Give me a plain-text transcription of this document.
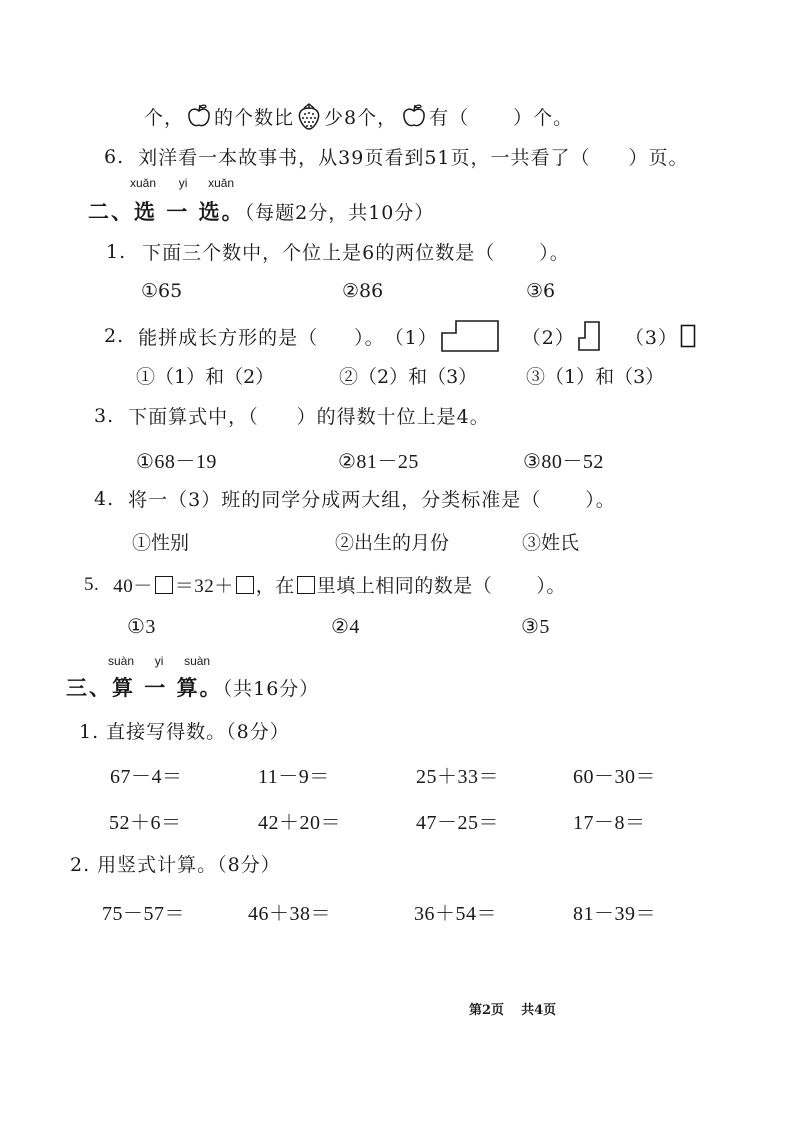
个， 的个数比 少8个， 有（ ）个。
6. 刘洋看一本故事书，从39页看到51页，一共看了（ ）页。
xuǎn yi xuǎn
二、选 一 选。（每题2分，共10分）
1. 下面三个数中，个位上是6的两位数是（ ）。
①65	②86	③6
2. 能拼成长方形的是（ ）。 （1）	（2）	（3）
①（1）和（2）	②（2）和（3）	③（1）和（3）
3. 下面算式中，（ ）的得数十位上是4。
①68－19	②81－25	③80－52
4. 将一（3）班的同学分成两大组，分类标准是（ ）。
①性别	②出生的月份	③姓氏
5. 40－ ＝32＋ ，在 里填上相同的数是（ ）。
①3	②4	③5
suàn yi suàn
三、算 一 算。（共16分）
1. 直接写得数。（8分）
67－4＝	11－9＝	25＋33＝	60－30＝
52＋6＝	42＋20＝	47－25＝	17－8＝
2. 用竖式计算。（8分）
75－57＝	46＋38＝	36＋54＝	81－39＝
第2页 共4页
